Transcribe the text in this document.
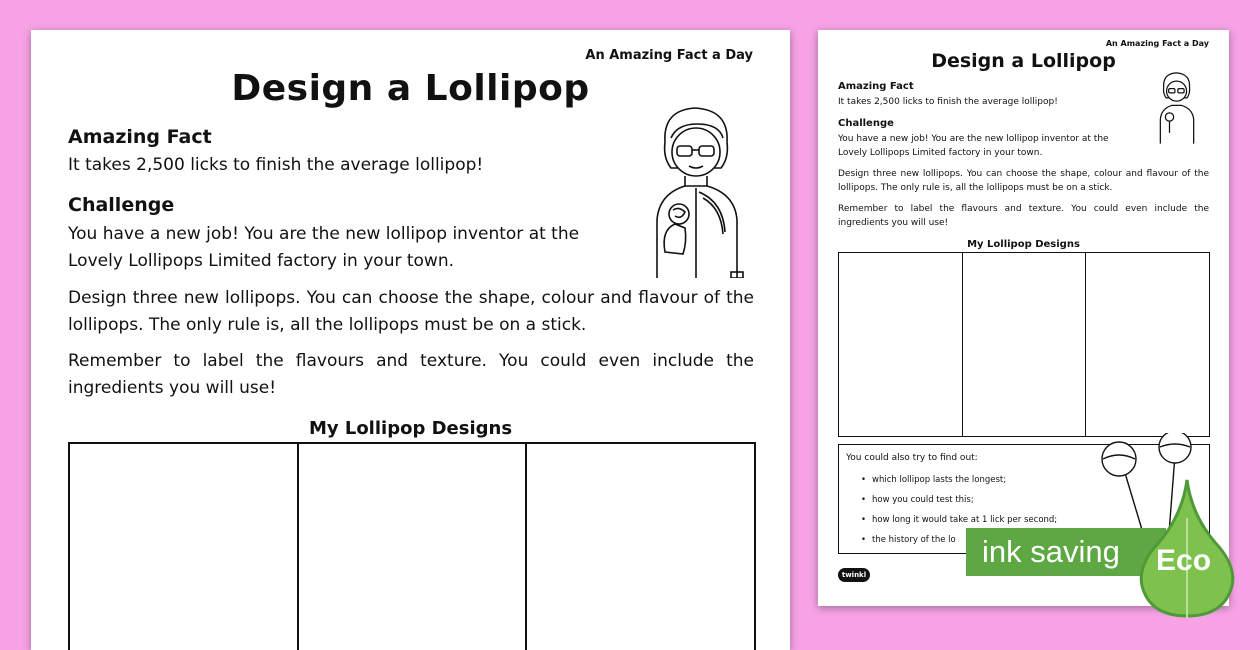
An Amazing Fact a Day
Design a Lollipop
Amazing Fact
It takes 2,500 licks to finish the average lollipop!
Challenge
You have a new job! You are the new lollipop inventor at the
Lovely Lollipops Limited factory in your town.
Design three new lollipops. You can choose the shape, colour and flavour of the lollipops. The only rule is, all the lollipops must be on a stick.
Remember to label the flavours and texture. You could even include the ingredients you will use!
My Lollipop Designs
An Amazing Fact a Day
Design a Lollipop
Amazing Fact
It takes 2,500 licks to finish the average lollipop!
Challenge
You have a new job! You are the new lollipop inventor at the Lovely Lollipops Limited factory in your town.
Design three new lollipops. You can choose the shape, colour and flavour of the lollipops. The only rule is, all the lollipops must be on a stick.
Remember to label the flavours and texture. You could even include the ingredients you will use!
My Lollipop Designs
You could also try to find out:
• which lollipop lasts the longest;
• how you could test this;
• how long it would take at 1 lick per second;
• the history of the lo
twinkl
ink saving Eco
